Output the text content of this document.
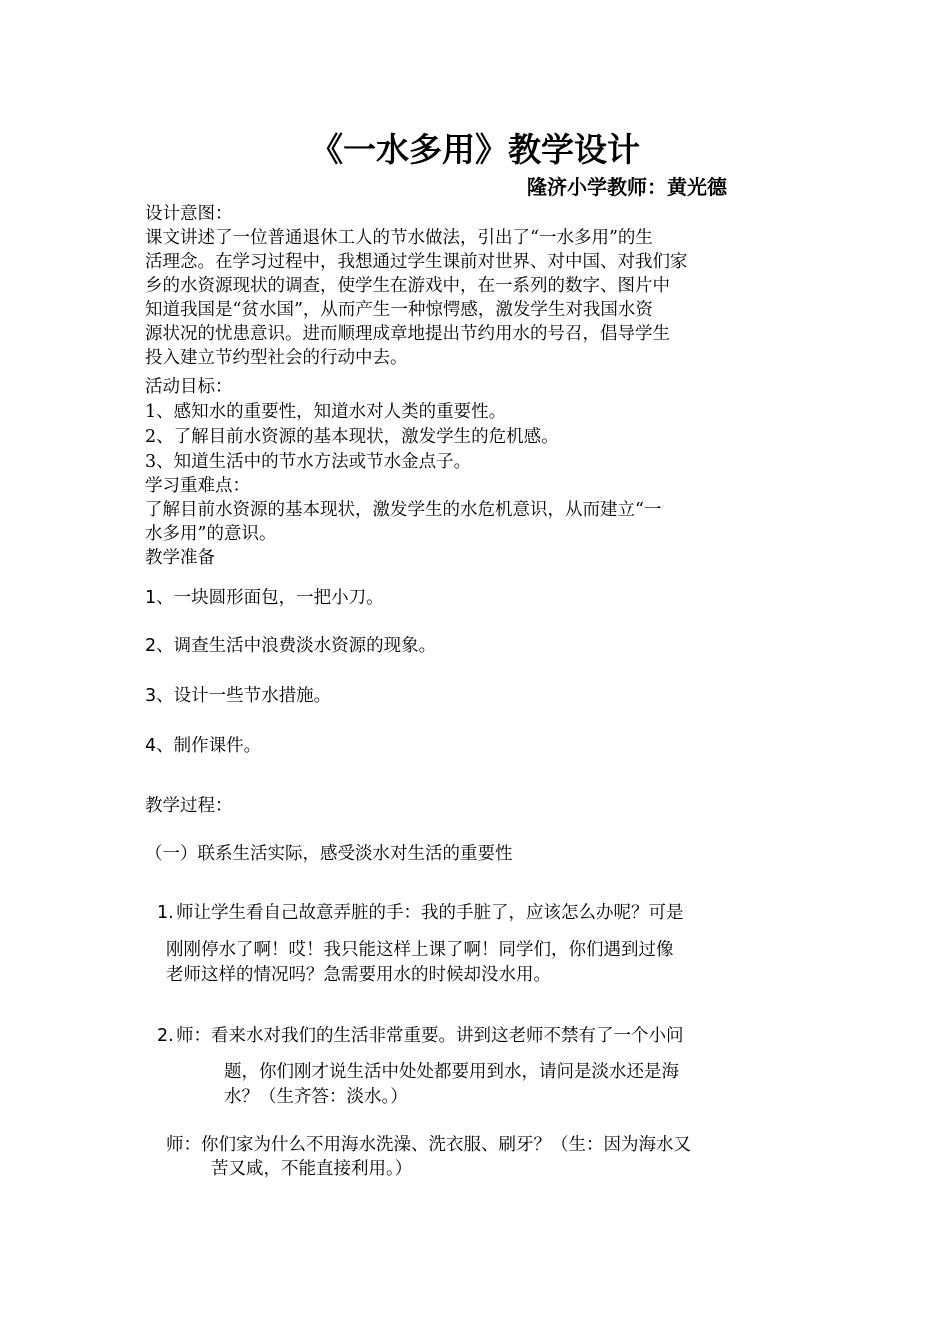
《一水多用》教学设计
隆济小学教师：黄光德
设计意图：
课文讲述了一位普通退休工人的节水做法，引出了“一水多用”的生
活理念。在学习过程中，我想通过学生课前对世界、对中国、对我们家
乡的水资源现状的调查，使学生在游戏中，在一系列的数字、图片中
知道我国是“贫水国”，从而产生一种惊愕感，激发学生对我国水资
源状况的忧患意识。进而顺理成章地提出节约用水的号召，倡导学生
投入建立节约型社会的行动中去。
活动目标：
1、感知水的重要性，知道水对人类的重要性。
2、了解目前水资源的基本现状，激发学生的危机感。
3、知道生活中的节水方法或节水金点子。
学习重难点：
了解目前水资源的基本现状，激发学生的水危机意识，从而建立“一
水多用”的意识。
教学准备
1、一块圆形面包，一把小刀。
2、调查生活中浪费淡水资源的现象。
3、设计一些节水措施。
4、制作课件。
教学过程：
（一）联系生活实际，感受淡水对生活的重要性
1. 师让学生看自己故意弄脏的手：我的手脏了，应该怎么办呢？可是
刚刚停水了啊！哎！我只能这样上课了啊！同学们，你们遇到过像
老师这样的情况吗？急需要用水的时候却没水用。
2. 师：看来水对我们的生活非常重要。讲到这老师不禁有了一个小问
题，你们刚才说生活中处处都要用到水，请问是淡水还是海
水？（生齐答：淡水。）
师：你们家为什么不用海水洗澡、洗衣服、刷牙？（生：因为海水又
苦又咸，不能直接利用。）
